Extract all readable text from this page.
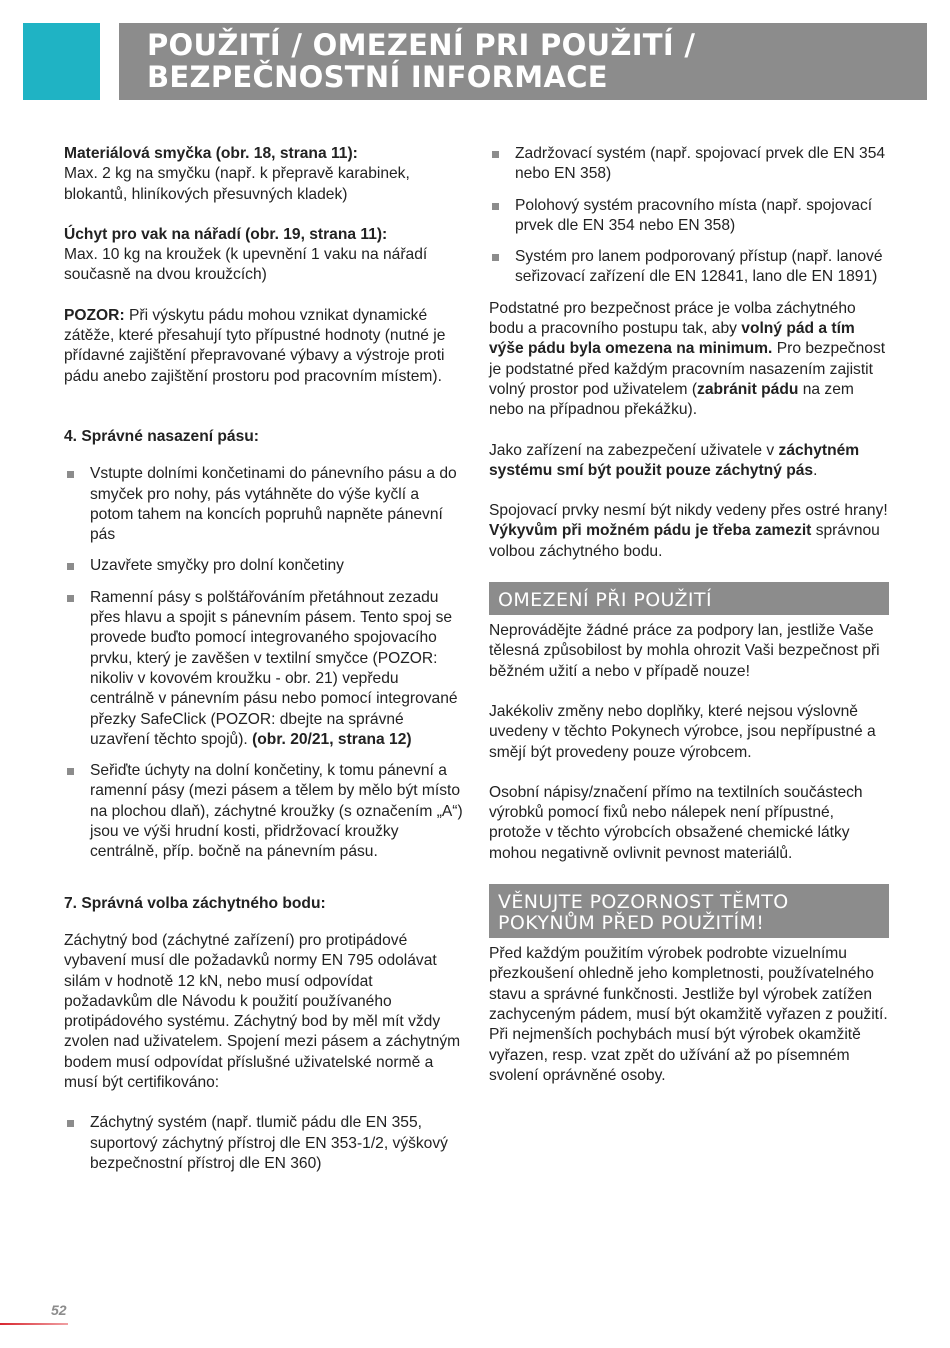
POUŽITÍ / OMEZENÍ PRI POUŽITÍ /
BEZPEČNOSTNÍ INFORMACE

Materiálová smyčka (obr. 18, strana 11):
Max. 2 kg na smyčku (např. k přepravě karabinek, blokantů, hliníkových přesuvných kladek)

Úchyt pro vak na nářadí (obr. 19, strana 11):
Max. 10 kg na kroužek (k upevnění 1 vaku na nářadí současně na dvou kroužcích)

POZOR: Při výskytu pádu mohou vznikat dynamické zátěže, které přesahují tyto přípustné hodnoty (nutné je přídavné zajištění přepravované výbavy a výstroje proti pádu anebo zajištění prostoru pod pracovním místem).

4. Správné nasazení pásu:
Vstupte dolními končetinami do pánevního pásu a do smyček pro nohy, pás vytáhněte do výše kyčlí a potom tahem na koncích popruhů napněte pánevní pás
Uzavřete smyčky pro dolní končetiny
Ramenní pásy s polštářováním přetáhnout zezadu přes hlavu a spojit s pánevním pásem. Tento spoj se provede buďto pomocí integrovaného spojovacího prvku, který je zavěšen v textilní smyčce (POZOR: nikoliv v kovovém kroužku - obr. 21) vepředu centrálně v pánevním pásu nebo pomocí integrované přezky SafeClick (POZOR: dbejte na správné uzavření těchto spojů). (obr. 20/21, strana 12)
Seřiďte úchyty na dolní končetiny, k tomu pánevní a ramenní pásy (mezi pásem a tělem by mělo být místo na plochou dlaň), záchytné kroužky (s označením „A“) jsou ve výši hrudní kosti, přidržovací kroužky centrálně, příp. bočně na pánevním pásu.
7. Správná volba záchytného bodu:

Záchytný bod (záchytné zařízení) pro protipádové vybavení musí dle požadavků normy EN 795 odolávat silám v hodnotě 12 kN, nebo musí odpovídat požadavkům dle Návodu k použití používaného protipádového systému. Záchytný bod by měl mít vždy zvolen nad uživatelem. Spojení mezi pásem a záchytným bodem musí odpovídat příslušné uživatelské normě a musí být certifikováno:

Záchytný systém (např. tlumič pádu dle EN 355, suportový záchytný přístroj dle EN 353-1/2, výškový bezpečnostní přístroj dle EN 360)
Zadržovací systém (např. spojovací prvek dle EN 354 nebo EN 358)
Polohový systém pracovního místa (např. spojovací prvek dle EN 354 nebo EN 358)
Systém pro lanem podporovaný přístup (např. lanové seřizovací zařízení dle EN 12841, lano dle EN 1891)

Podstatné pro bezpečnost práce je volba záchytného bodu a pracovního postupu tak, aby volný pád a tím výše pádu byla omezena na minimum. Pro bezpečnost je podstatné před každým pracovním nasazením zajistit volný prostor pod uživatelem (zabránit pádu na zem nebo na případnou překážku).

Jako zařízení na zabezpečení uživatele v záchytném systému smí být použit pouze záchytný pás.

Spojovací prvky nesmí být nikdy vedeny přes ostré hrany! Výkyvům při možném pádu je třeba zamezit správnou volbou záchytného bodu.

OMEZENÍ PŘI POUŽITÍ

Neprovádějte žádné práce za podpory lan, jestliže Vaše tělesná způsobilost by mohla ohrozit Vaši bezpečnost při běžném užití a nebo v případě nouze!

Jakékoliv změny nebo doplňky, které nejsou výslovně uvedeny v těchto Pokynech výrobce, jsou nepřípustné a smějí být provedeny pouze výrobcem.

Osobní nápisy/značení přímo na textilních součástech výrobků pomocí fixů nebo nálepek není přípustné, protože v těchto výrobcích obsažené chemické látky mohou negativně ovlivnit pevnost materiálů.

VĚNUJTE POZORNOST TĚMTO
POKYNŮM PŘED POUŽITÍM!

Před každým použitím výrobek podrobte vizuelnímu přezkoušení ohledně jeho kompletnosti, používatelného stavu a správné funkčnosti. Jestliže byl výrobek zatížen zachyceným pádem, musí být okamžitě vyřazen z použití. Při nejmenších pochybách musí být výrobek okamžitě vyřazen, resp. vzat zpět do užívání až po písemném svolení oprávněné osoby.

52
